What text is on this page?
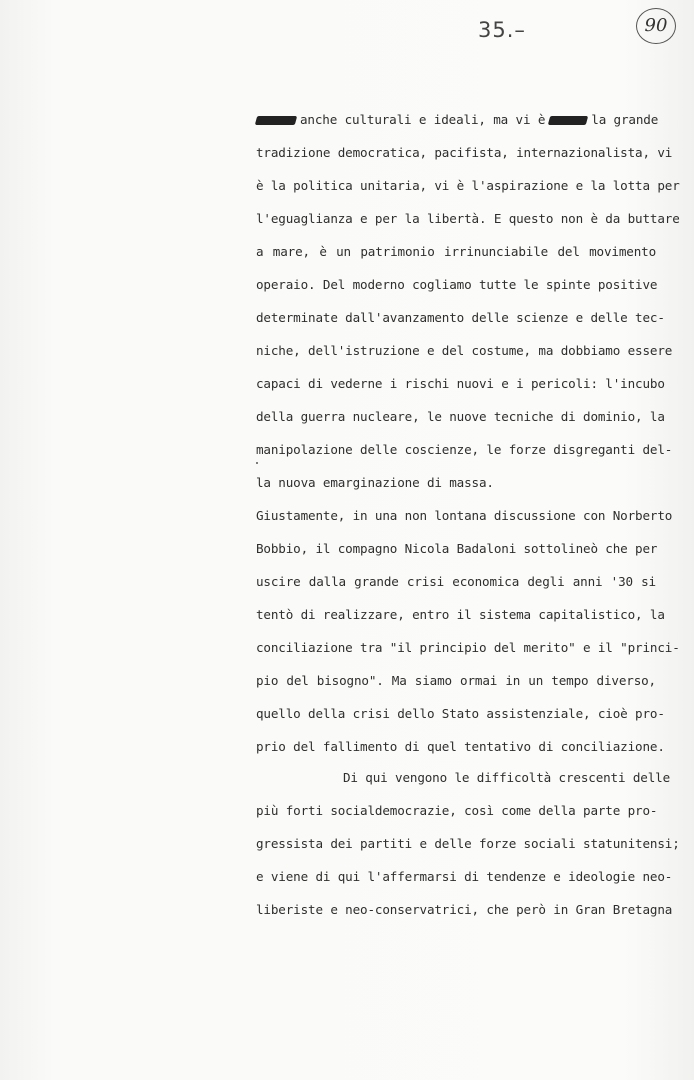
35.–	90
anche culturali e ideali, ma vi è	la grande
tradizione democratica, pacifista, internazionalista, vi
è la politica unitaria, vi è l'aspirazione e la lotta per
l'eguaglianza e per la libertà. E questo non è da buttare
a mare, è un patrimonio irrinunciabile del movimento
operaio. Del moderno cogliamo tutte le spinte positive
determinate dall'avanzamento delle scienze e delle tec-
niche, dell'istruzione e del costume, ma dobbiamo essere
capaci di vederne i rischi nuovi e i pericoli: l'incubo
della guerra nucleare, le nuove tecniche di dominio, la
manipolazione delle coscienze, le forze disgreganti del-
la nuova emarginazione di massa.
Giustamente, in una non lontana discussione con Norberto
Bobbio, il compagno Nicola Badaloni sottolineò che per
uscire dalla grande crisi economica degli anni '30 si
tentò di realizzare, entro il sistema capitalistico, la
conciliazione tra "il principio del merito" e il "princi-
pio del bisogno". Ma siamo ormai in un tempo diverso,
quello della crisi dello Stato assistenziale, cioè pro-
prio del fallimento di quel tentativo di conciliazione.
Di qui vengono le difficoltà crescenti delle
più forti socialdemocrazie, così come della parte pro-
gressista dei partiti e delle forze sociali statunitensi;
e viene di qui l'affermarsi di tendenze e ideologie neo-
liberiste e neo-conservatrici, che però in Gran Bretagna
